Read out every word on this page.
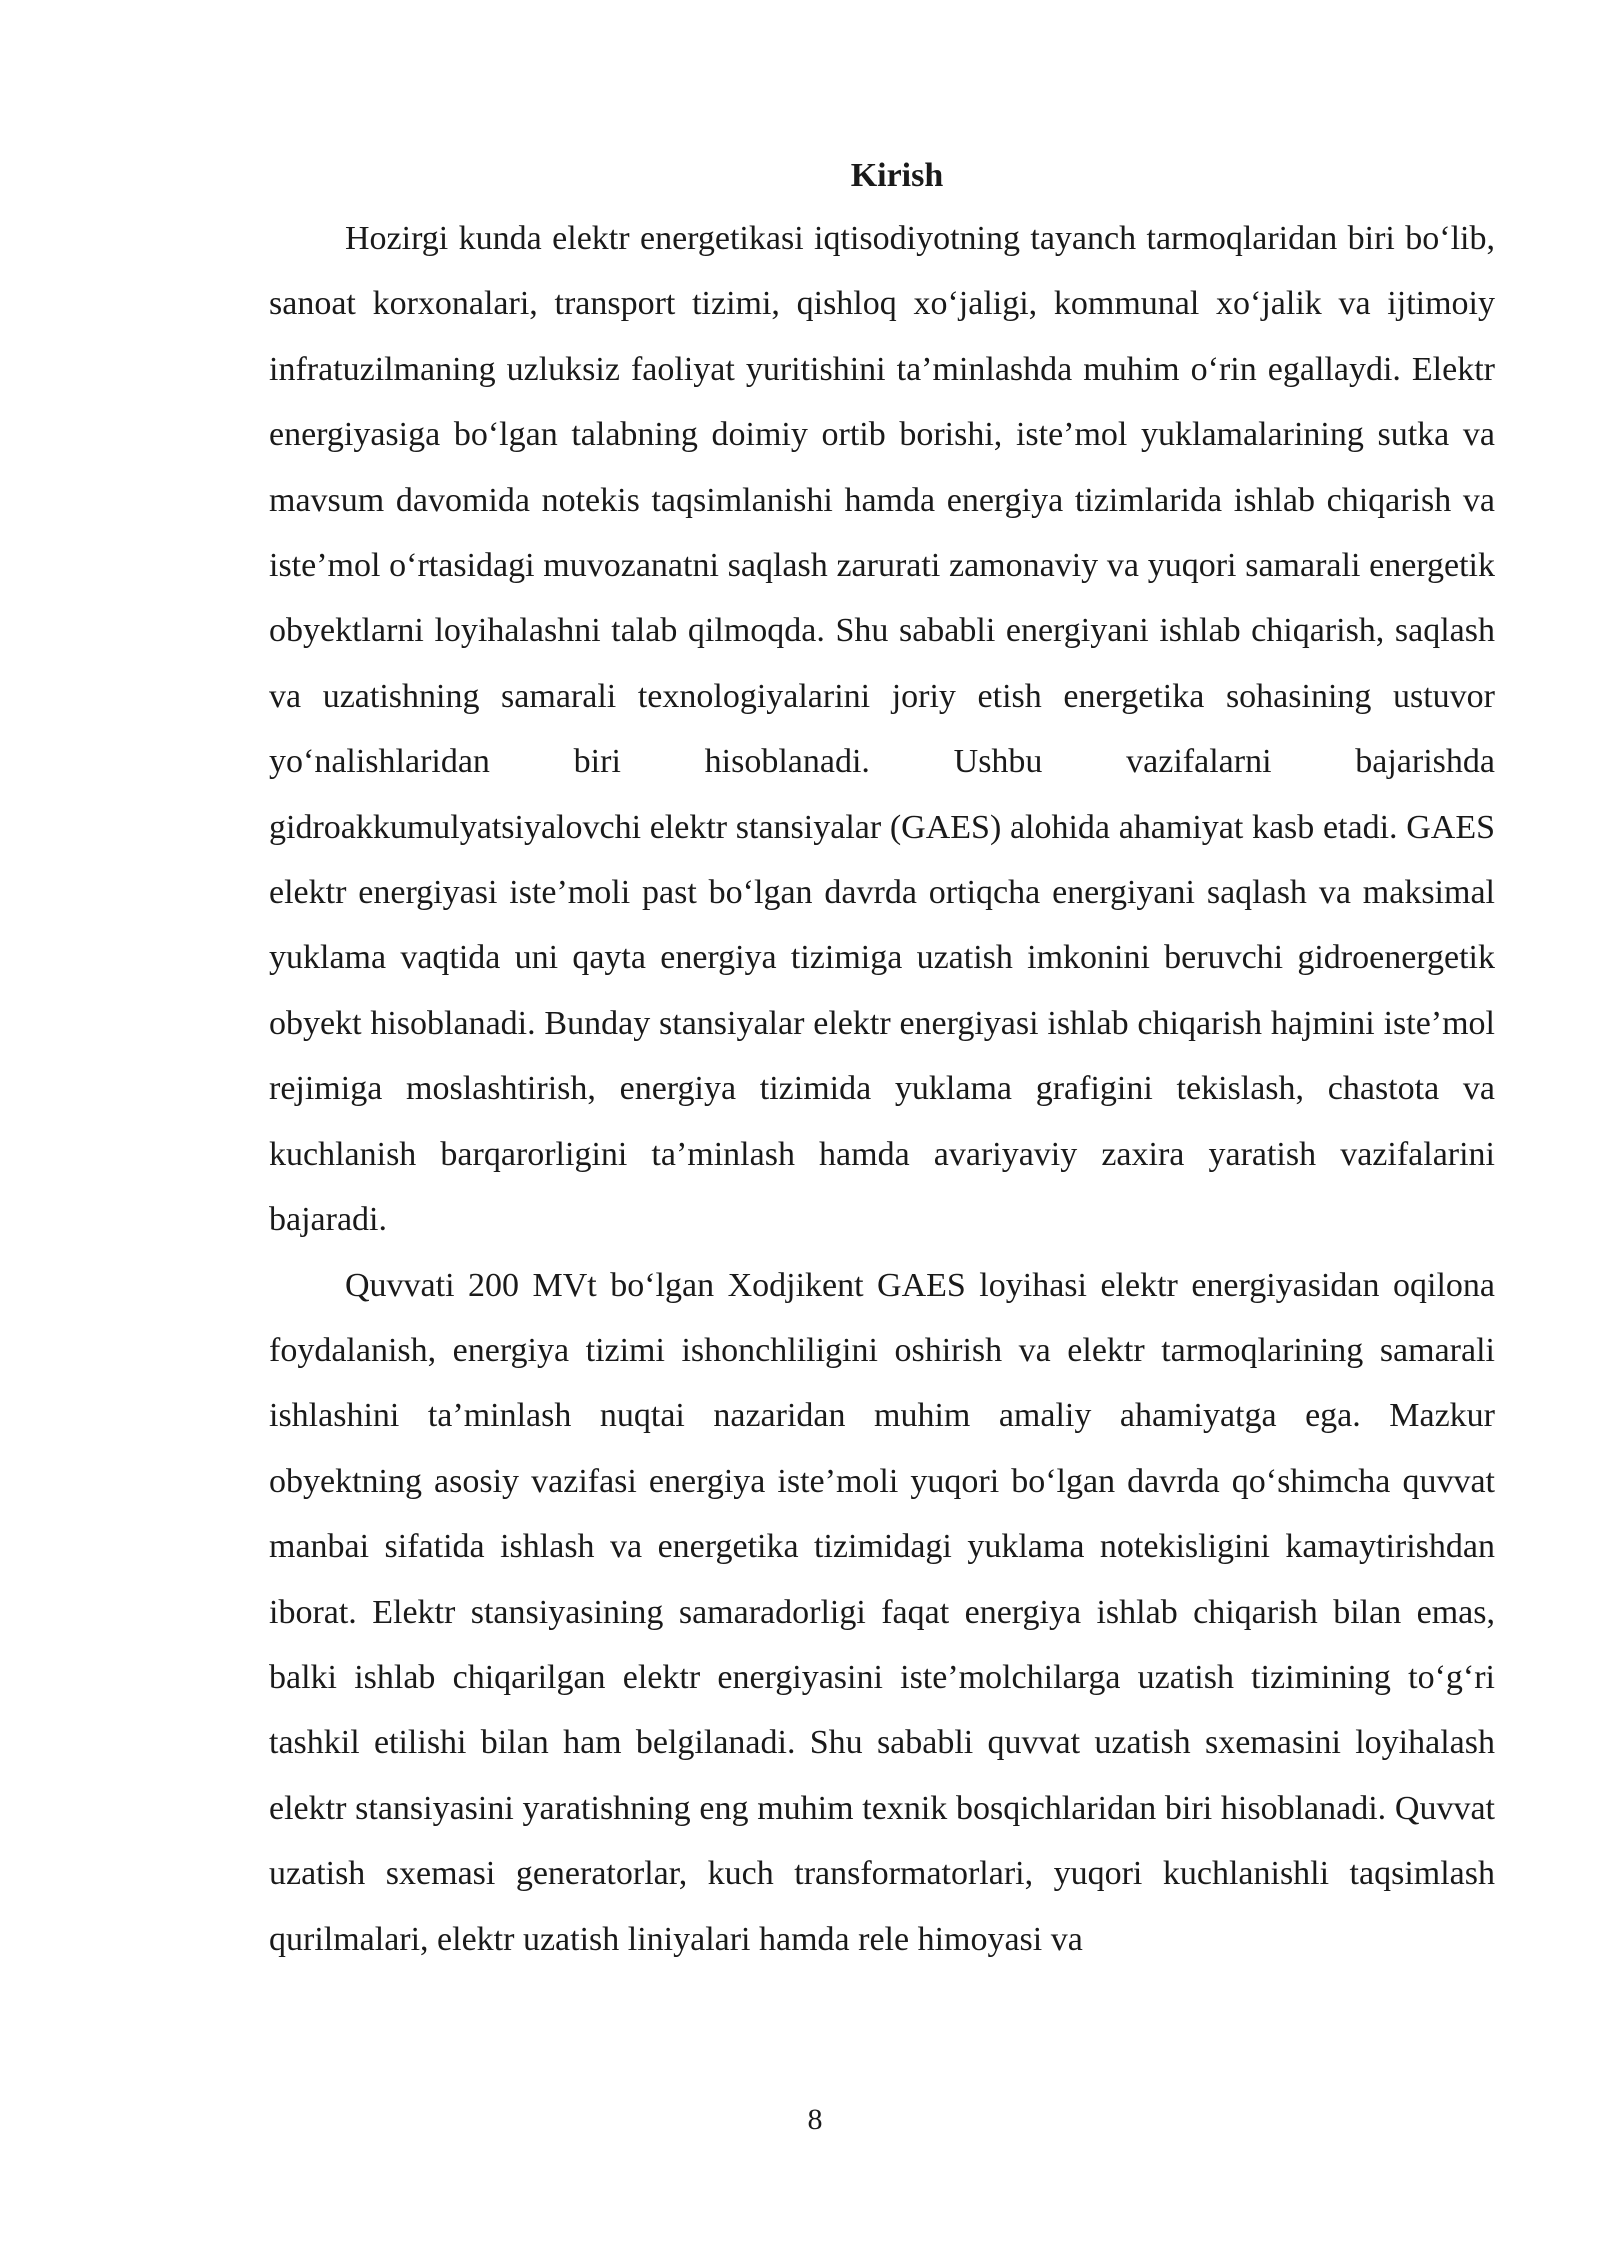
Kirish

Hozirgi kunda elektr energetikasi iqtisodiyotning tayanch tarmoqlaridan biri bo‘lib, sanoat korxonalari, transport tizimi, qishloq xo‘jaligi, kommunal xo‘jalik va ijtimoiy infratuzilmaning uzluksiz faoliyat yuritishini ta’minlashda muhim o‘rin egallaydi. Elektr energiyasiga bo‘lgan talabning doimiy ortib borishi, iste’mol yuklamalarining sutka va mavsum davomida notekis taqsimlanishi hamda energiya tizimlarida ishlab chiqarish va iste’mol o‘rtasidagi muvozanatni saqlash zarurati zamonaviy va yuqori samarali energetik obyektlarni loyihalashni talab qilmoqda. Shu sababli energiyani ishlab chiqarish, saqlash va uzatishning samarali texnologiyalarini joriy etish energetika sohasining ustuvor yo‘nalishlaridan biri hisoblanadi. Ushbu vazifalarni bajarishda gidroakkumulyatsiyalovchi elektr stansiyalar (GAES) alohida ahamiyat kasb etadi. GAES elektr energiyasi iste’moli past bo‘lgan davrda ortiqcha energiyani saqlash va maksimal yuklama vaqtida uni qayta energiya tizimiga uzatish imkonini beruvchi gidroenergetik obyekt hisoblanadi. Bunday stansiyalar elektr energiyasi ishlab chiqarish hajmini iste’mol rejimiga moslashtirish, energiya tizimida yuklama grafigini tekislash, chastota va kuchlanish barqarorligini ta’minlash hamda avariyaviy zaxira yaratish vazifalarini bajaradi.

Quvvati 200 MVt bo‘lgan Xodjikent GAES loyihasi elektr energiyasidan oqilona foydalanish, energiya tizimi ishonchliligini oshirish va elektr tarmoqlarining samarali ishlashini ta’minlash nuqtai nazaridan muhim amaliy ahamiyatga ega. Mazkur obyektning asosiy vazifasi energiya iste’moli yuqori bo‘lgan davrda qo‘shimcha quvvat manbai sifatida ishlash va energetika tizimidagi yuklama notekisligini kamaytirishdan iborat. Elektr stansiyasining samaradorligi faqat energiya ishlab chiqarish bilan emas, balki ishlab chiqarilgan elektr energiyasini iste’molchilarga uzatish tizimining to‘g‘ri tashkil etilishi bilan ham belgilanadi. Shu sababli quvvat uzatish sxemasini loyihalash elektr stansiyasini yaratishning eng muhim texnik bosqichlaridan biri hisoblanadi. Quvvat uzatish sxemasi generatorlar, kuch transformatorlari, yuqori kuchlanishli taqsimlash qurilmalari, elektr uzatish liniyalari hamda rele himoyasi va

8
